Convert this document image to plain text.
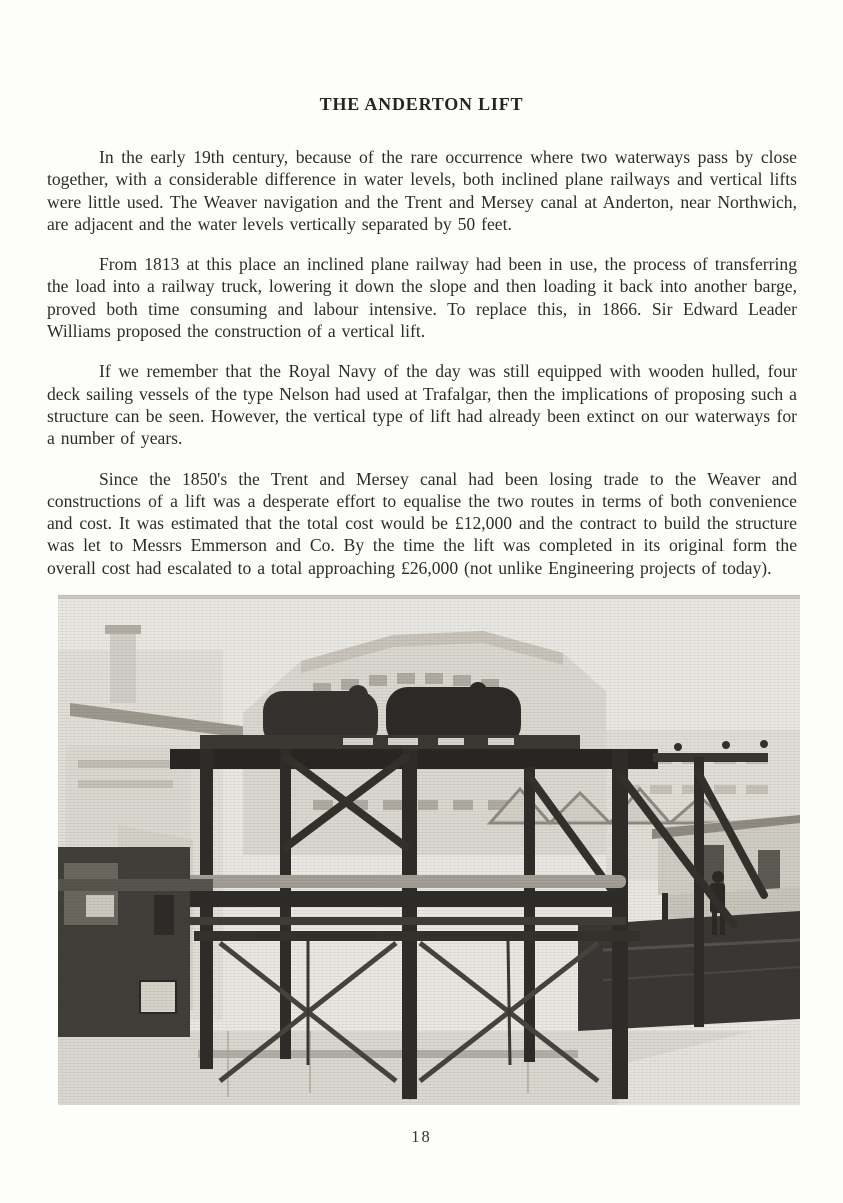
THE ANDERTON LIFT

In the early 19th century, because of the rare occurrence where two waterways pass by close together, with a considerable difference in water levels, both inclined plane railways and vertical lifts were little used. The Weaver navigation and the Trent and Mersey canal at Anderton, near Northwich, are adjacent and the water levels vertically separated by 50 feet.

From 1813 at this place an inclined plane railway had been in use, the process of transferring the load into a railway truck, lowering it down the slope and then loading it back into another barge, proved both time consuming and labour intensive. To replace this, in 1866. Sir Edward Leader Williams proposed the construction of a vertical lift.

If we remember that the Royal Navy of the day was still equipped with wooden hulled, four deck sailing vessels of the type Nelson had used at Trafalgar, then the implications of proposing such a structure can be seen. However, the vertical type of lift had already been extinct on our waterways for a number of years.

Since the 1850's the Trent and Mersey canal had been losing trade to the Weaver and constructions of a lift was a desperate effort to equalise the two routes in terms of both convenience and cost. It was estimated that the total cost would be £12,000 and the contract to build the structure was let to Messrs Emmerson and Co. By the time the lift was completed in its original form the overall cost had escalated to a total approaching £26,000 (not unlike Engineering projects of today).

18
